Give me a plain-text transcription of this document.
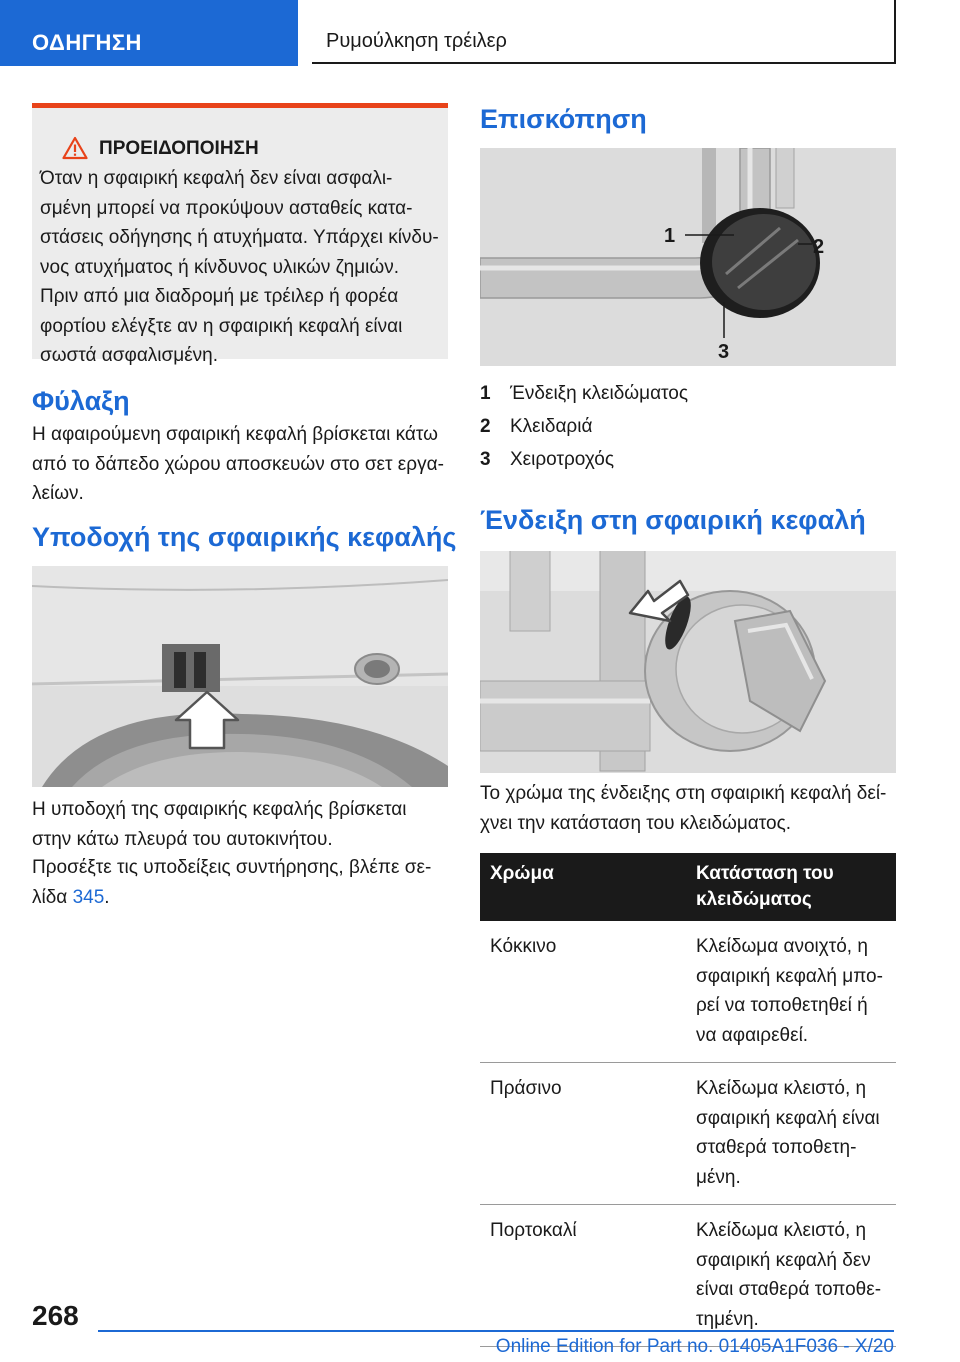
ΟΔΗΓΗΣΗ	Ρυμούλκηση τρέιλερ
ΠΡΟΕΙΔΟΠΟΙΗΣΗ
Όταν η σφαιρική κεφαλή δεν είναι ασφαλι-σμένη μπορεί να προκύψουν ασταθείς κατα-στάσεις οδήγησης ή ατυχήματα. Υπάρχει κίνδυ-νος ατυχήματος ή κίνδυνος υλικών ζημιών. Πριν από μια διαδρομή με τρέιλερ ή φορέα φορτίου ελέγξτε αν η σφαιρική κεφαλή είναι σωστά ασφαλισμένη.
Φύλαξη

Η αφαιρούμενη σφαιρική κεφαλή βρίσκεται κάτω από το δάπεδο χώρου αποσκευών στο σετ εργα-λείων.

Υποδοχή της σφαιρικής κεφαλής

Η υποδοχή της σφαιρικής κεφαλής βρίσκεται στην κάτω πλευρά του αυτοκινήτου.

Προσέξτε τις υποδείξεις συντήρησης, βλέπε σε-λίδα 345.

Επισκόπηση
1	2
3
1 Ένδειξη κλειδώματος
2 Κλειδαριά
3 Χειροτροχός
Ένδειξη στη σφαιρική κεφαλή

Το χρώμα της ένδειξης στη σφαιρική κεφαλή δεί-χνει την κατάσταση του κλειδώματος.

Χρώμα	Κατάσταση του κλειδώματος
Κόκκινο	Κλείδωμα ανοιχτό, η σφαιρική κεφαλή μπο-ρεί να τοποθετηθεί ή να αφαιρεθεί.
Πράσινο	Κλείδωμα κλειστό, η σφαιρική κεφαλή είναι σταθερά τοποθετη-μένη.
Πορτοκαλί	Κλείδωμα κλειστό, η σφαιρική κεφαλή δεν είναι σταθερά τοποθε-τημένη.
268
Online Edition for Part no. 01405A1F036 - X/20
